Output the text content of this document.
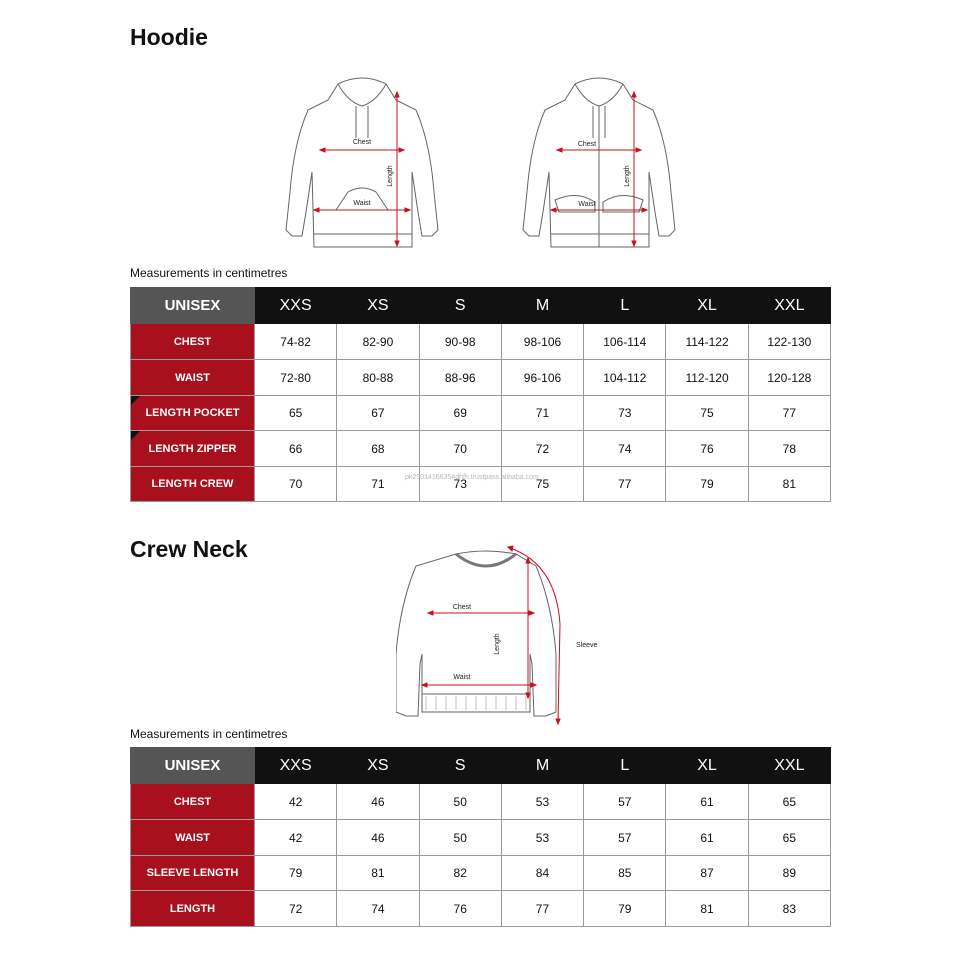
Hoodie
Chest
Waist
Length
Chest
Waist
Length
Measurements in centimetres
UNISEX	XXS	XS	S	M	L	XL	XXL
CHEST	74-82	82-90	90-98	98-106	106-114	114-122	122-130
WAIST	72-80	80-88	88-96	96-106	104-112	112-120	120-128

LENGTH POCKET	65	67	69	71	73	75	77

LENGTH ZIPPER	66	68	70	72	74	76	78
LENGTH CREW	70	71	73	75	77	79	81
pk29014166354dhfh.trustpass.alibaba.com
Crew Neck
Chest
Waist
Length	Sleeve
Measurements in centimetres
UNISEX	XXS	XS	S	M	L	XL	XXL
CHEST	42	46	50	53	57	61	65
WAIST	42	46	50	53	57	61	65
SLEEVE LENGTH	79	81	82	84	85	87	89
LENGTH	72	74	76	77	79	81	83
